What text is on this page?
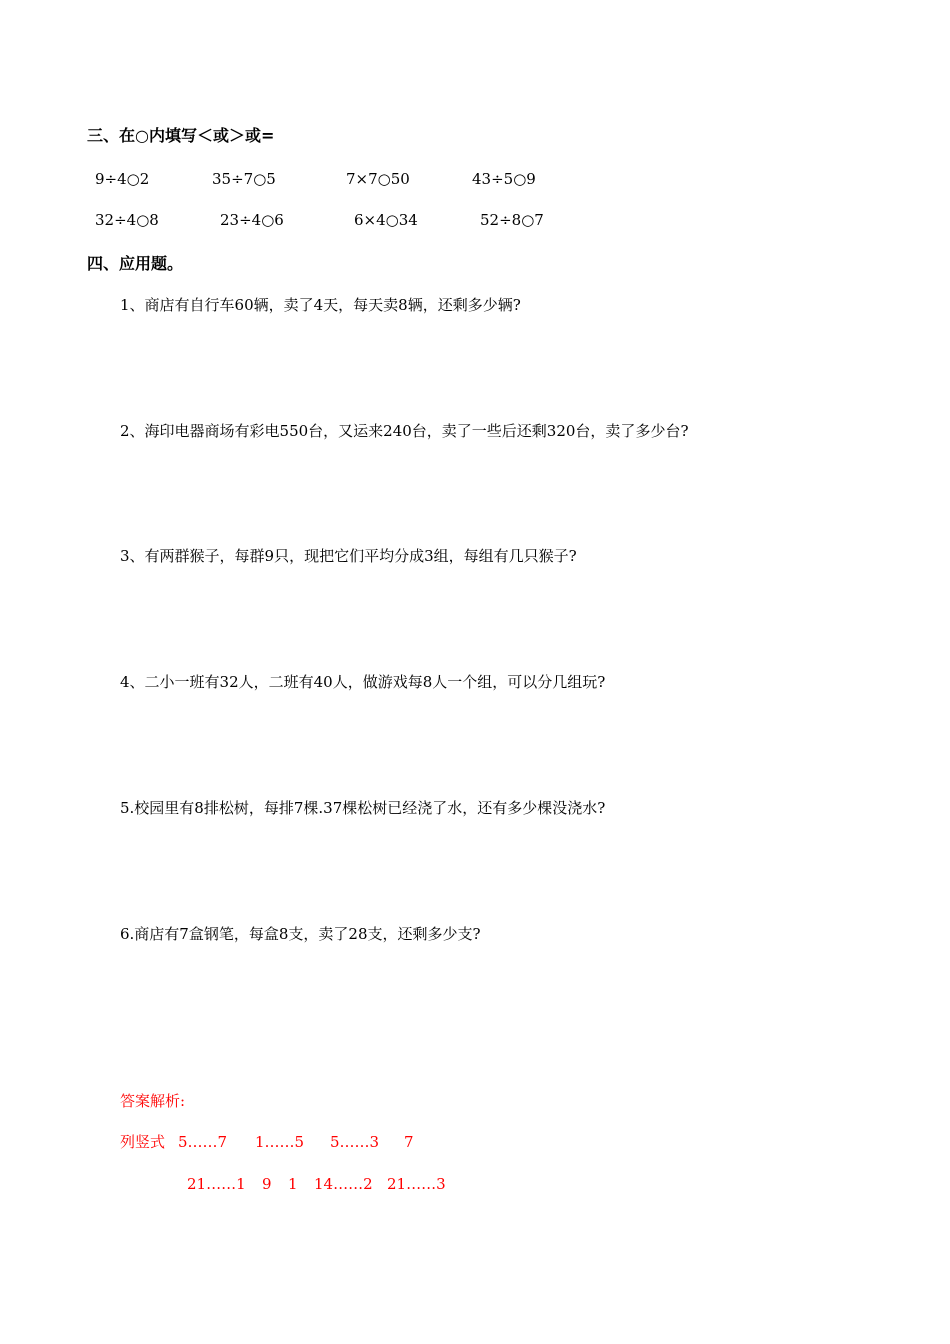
三、在○内填写＜或＞或=
9÷4○2	35÷7○5	7×7○50	43÷5○9
32÷4○8	23÷4○6	6×4○34	52÷8○7
四、应用题。
1、商店有自行车60辆，卖了4天，每天卖8辆，还剩多少辆?
2、海印电器商场有彩电550台，又运来240台，卖了一些后还剩320台，卖了多少台?
3、有两群猴子，每群9只，现把它们平均分成3组，每组有几只猴子?
4、二小一班有32人，二班有40人，做游戏每8人一个组，可以分几组玩?
5.校园里有8排松树，每排7棵.37棵松树已经浇了水，还有多少棵没浇水?
6.商店有7盒钢笔，每盒8支，卖了28支，还剩多少支?
答案解析:
列竖式 5……7 1……5 5……3 7
21……1 9 1 14……2 21……3
